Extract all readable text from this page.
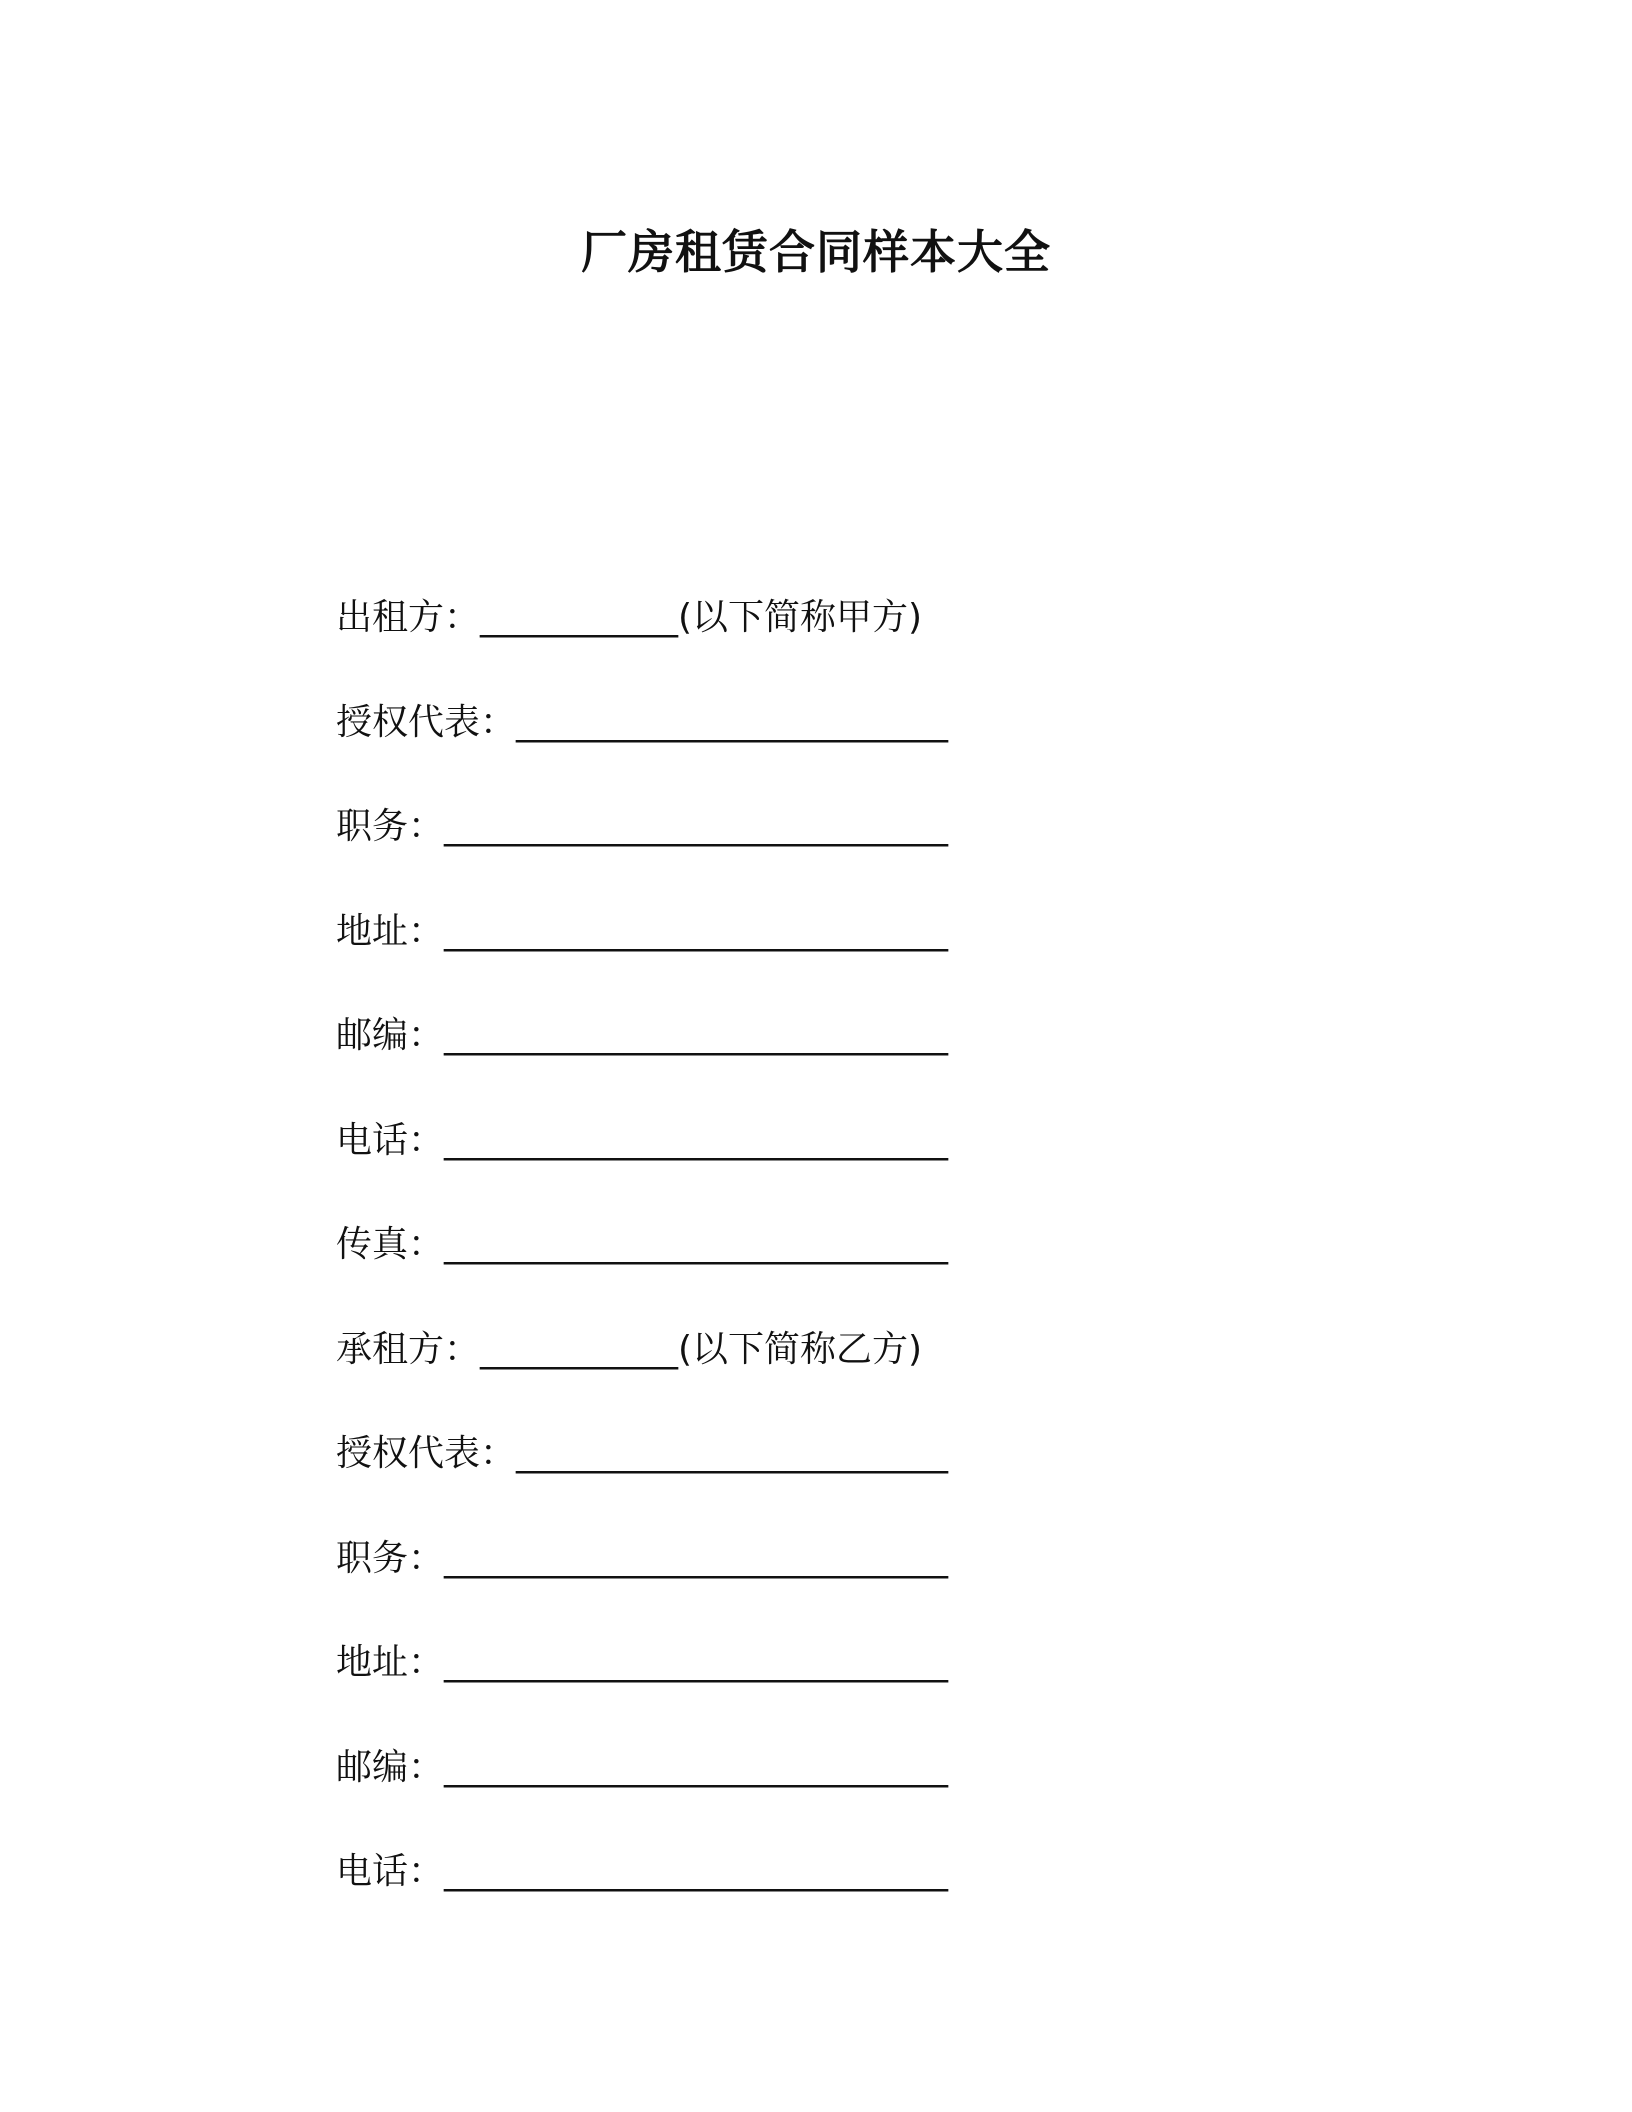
厂房租赁合同样本大全
出租方：___________(以下简称甲方)
授权代表：________________________
职务：____________________________
地址：____________________________
邮编：____________________________
电话：____________________________
传真：____________________________
承租方：___________(以下简称乙方)
授权代表：________________________
职务：____________________________
地址：____________________________
邮编：____________________________
电话：____________________________
